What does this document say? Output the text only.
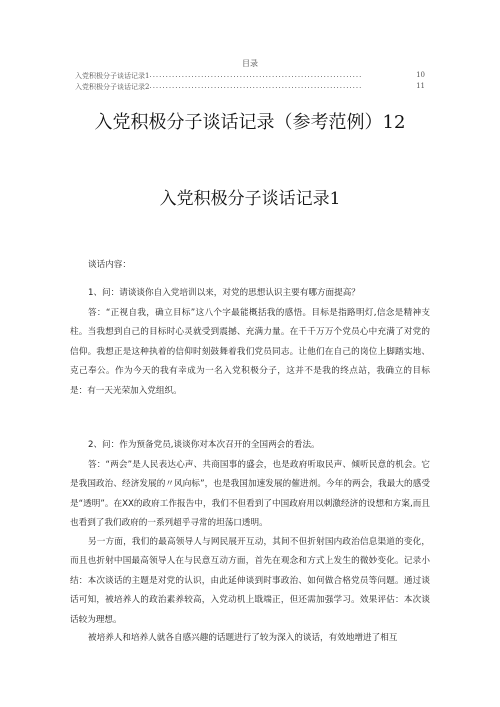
目录
入党积极分子谈话记录1 ..................................................................	10
入党积极分子谈话记录2 ..................................................................	11
入党积极分子谈话记录（参考范例）12
入党积极分子谈话记录1
谈话内容：
1、问：请谈谈你自入党培训以来，对党的思想认识主要有哪方面提高？

答：“正视自我，确立目标”这八个字最能概括我的感悟。目标是指路明灯,信念是精神支柱。当我想到自己的目标时心灵就受到震撼、充满力量。在千千万万个党员心中充满了对党的信仰。我想正是这种执着的信仰时刻鼓舞着我们党员同志。让他们在自己的岗位上脚踏实地、克己奉公。作为今天的我有幸成为一名入党积极分子，这并不是我的终点站，我确立的目标是：有一天光荣加入党组织。

2、问：作为预备党员,谈谈你对本次召开的全国两会的看法。

答：“两会”是人民表达心声、共商国事的盛会，也是政府听取民声、倾听民意的机会。它是我国政治、经济发展的〃风向标”，也是我国加速发展的催进剂。今年的两会，我最大的感受是“透明”。在XX的政府工作报告中，我们不但看到了中国政府用以刺激经济的设想和方案,而且也看到了我们政府的一系列超乎寻常的坦荡口透明。

另一方面，我们的最高领导人与网民展开互动，其间不但折射国内政治信息渠道的变化，而且也折射中国最高领导人在与民意互动方面，首先在观念和方式上发生的微妙变化。记录小结：本次谈话的主题是对党的认识，由此延伸谈到时事政治、如何做合格党员等问题。通过谈话可知，被培养人的政治素养较高，入党动机上戢端正，但还需加强学习。效果评估：本次谈话较为理想。

被培养人和培养人就各自感兴趣的话题进行了较为深入的谈话，有效地增进了相互
